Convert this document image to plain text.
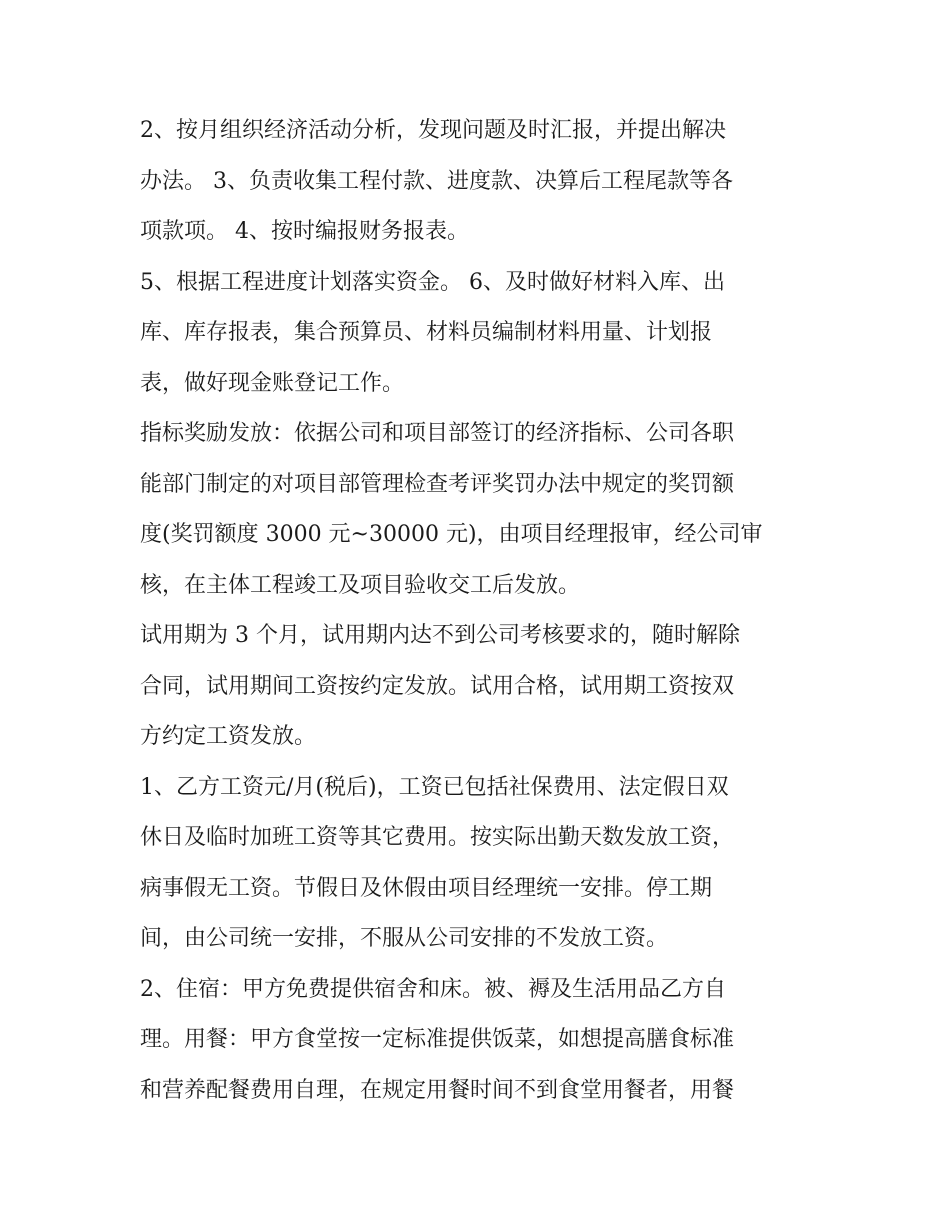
2、按月组织经济活动分析，发现问题及时汇报，并提出解决
办法。 3、负责收集工程付款、进度款、决算后工程尾款等各
项款项。 4、按时编报财务报表。

5、根据工程进度计划落实资金。 6、及时做好材料入库、出
库、库存报表，集合预算员、材料员编制材料用量、计划报
表，做好现金账登记工作。

指标奖励发放：依据公司和项目部签订的经济指标、公司各职
能部门制定的对项目部管理检查考评奖罚办法中规定的奖罚额
度(奖罚额度 3000 元~30000 元)，由项目经理报审，经公司审
核，在主体工程竣工及项目验收交工后发放。

试用期为 3 个月，试用期内达不到公司考核要求的，随时解除
合同，试用期间工资按约定发放。试用合格，试用期工资按双
方约定工资发放。

1、乙方工资元/月(税后)，工资已包括社保费用、法定假日双
休日及临时加班工资等其它费用。按实际出勤天数发放工资，
病事假无工资。节假日及休假由项目经理统一安排。停工期
间，由公司统一安排，不服从公司安排的不发放工资。

2、住宿：甲方免费提供宿舍和床。被、褥及生活用品乙方自
理。用餐：甲方食堂按一定标准提供饭菜，如想提高膳食标准
和营养配餐费用自理，在规定用餐时间不到食堂用餐者，用餐
